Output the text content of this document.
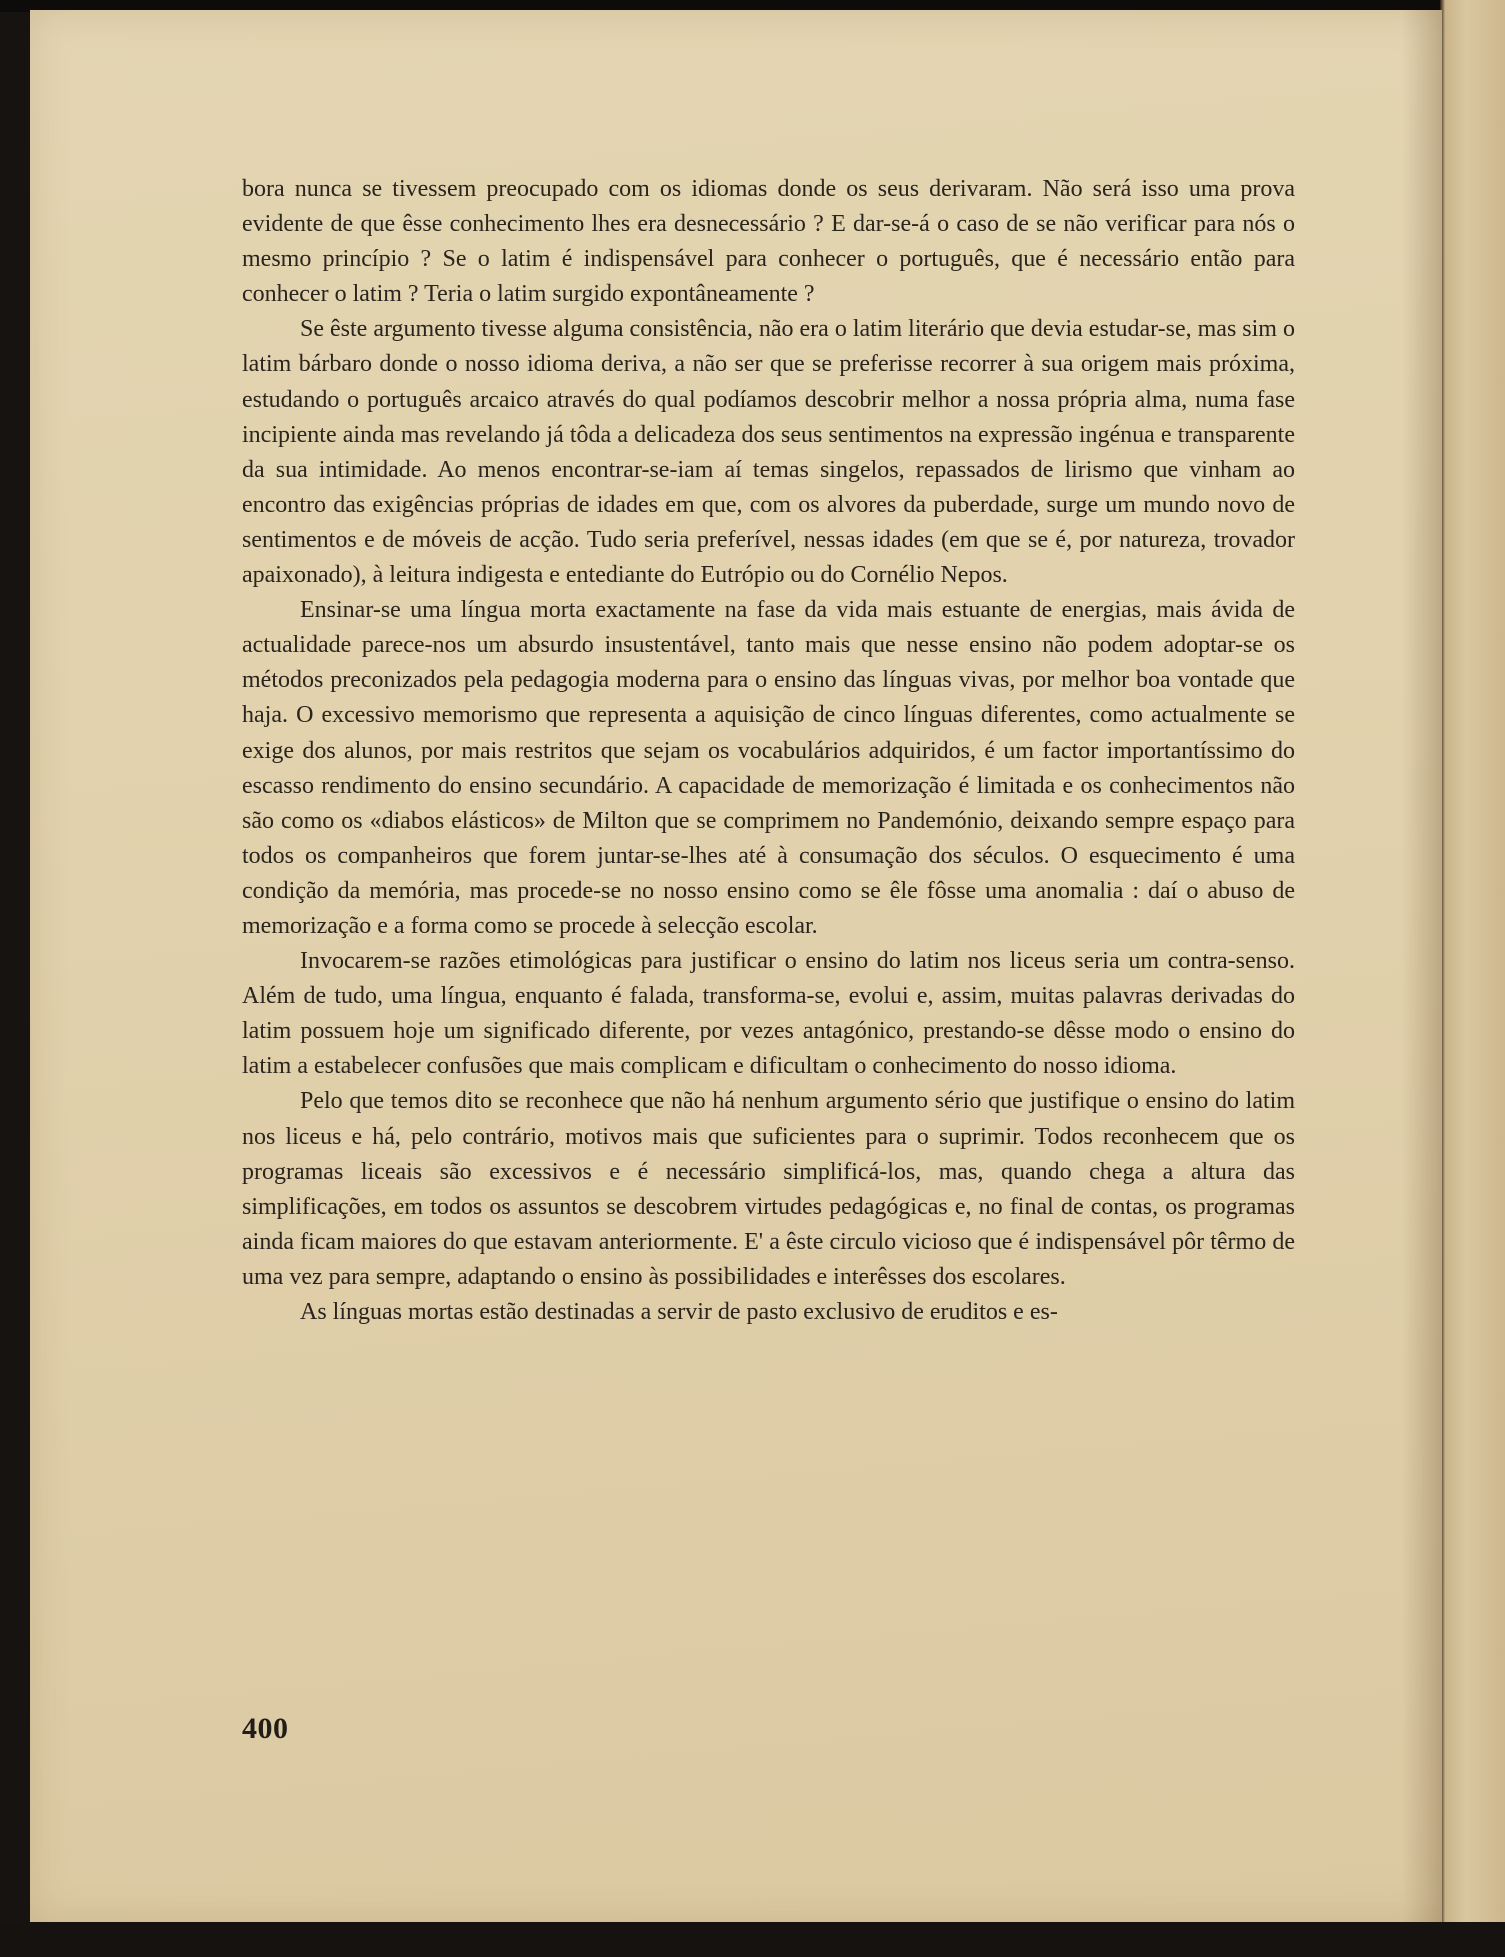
bora nunca se tivessem preocupado com os idiomas donde os seus derivaram. Não será isso uma prova evidente de que êsse conhecimento lhes era desnecessário ? E dar-se-á o caso de se não verificar para nós o mesmo princípio ? Se o latim é indispensável para conhecer o português, que é necessário então para conhecer o latim ? Teria o latim surgido expontâneamente ?

Se êste argumento tivesse alguma consistência, não era o latim literário que devia estudar-se, mas sim o latim bárbaro donde o nosso idioma deriva, a não ser que se preferisse recorrer à sua origem mais próxima, estudando o português arcaico através do qual podíamos descobrir melhor a nossa própria alma, numa fase incipiente ainda mas revelando já tôda a delicadeza dos seus sentimentos na expressão ingénua e transparente da sua intimidade. Ao menos encontrar-se-iam aí temas singelos, repassados de lirismo que vinham ao encontro das exigências próprias de idades em que, com os alvores da puberdade, surge um mundo novo de sentimentos e de móveis de acção. Tudo seria preferível, nessas idades (em que se é, por natureza, trovador apaixonado), à leitura indigesta e entediante do Eutrópio ou do Cornélio Nepos.

Ensinar-se uma língua morta exactamente na fase da vida mais estuante de energias, mais ávida de actualidade parece-nos um absurdo insustentável, tanto mais que nesse ensino não podem adoptar-se os métodos preconizados pela pedagogia moderna para o ensino das línguas vivas, por melhor boa vontade que haja. O excessivo memorismo que representa a aquisição de cinco línguas diferentes, como actualmente se exige dos alunos, por mais restritos que sejam os vocabulários adquiridos, é um factor importantíssimo do escasso rendimento do ensino secundário. A capacidade de memorização é limitada e os conhecimentos não são como os «diabos elásticos» de Milton que se comprimem no Pandemónio, deixando sempre espaço para todos os companheiros que forem juntar-se-lhes até à consumação dos séculos. O esquecimento é uma condição da memória, mas procede-se no nosso ensino como se êle fôsse uma anomalia : daí o abuso de memorização e a forma como se procede à selecção escolar.

Invocarem-se razões etimológicas para justificar o ensino do latim nos liceus seria um contra-senso. Além de tudo, uma língua, enquanto é falada, transforma-se, evolui e, assim, muitas palavras derivadas do latim possuem hoje um significado diferente, por vezes antagónico, prestando-se dêsse modo o ensino do latim a estabelecer confusões que mais complicam e dificultam o conhecimento do nosso idioma.

Pelo que temos dito se reconhece que não há nenhum argumento sério que justifique o ensino do latim nos liceus e há, pelo contrário, motivos mais que suficientes para o suprimir. Todos reconhecem que os programas liceais são excessivos e é necessário simplificá-los, mas, quando chega a altura das simplificações, em todos os assuntos se descobrem virtudes pedagógicas e, no final de contas, os programas ainda ficam maiores do que estavam anteriormente. E' a êste circulo vicioso que é indispensável pôr têrmo de uma vez para sempre, adaptando o ensino às possibilidades e interêsses dos escolares.

As línguas mortas estão destinadas a servir de pasto exclusivo de eruditos e es-

400
